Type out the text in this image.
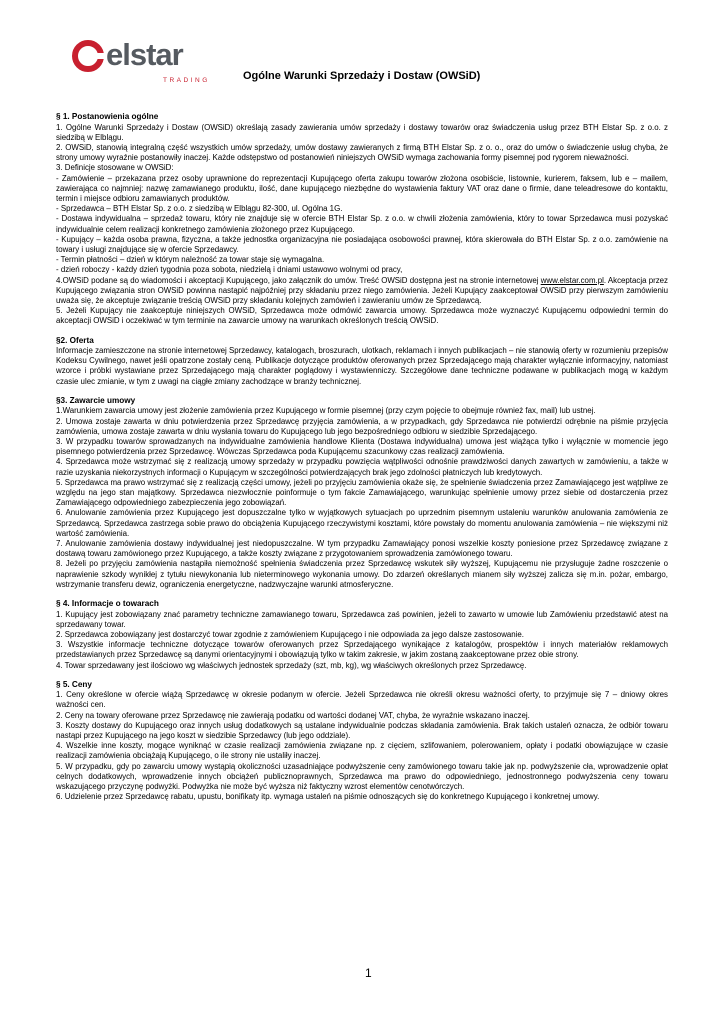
elstar
TRADING	Ogólne Warunki Sprzedaży i Dostaw (OWSiD)
§ 1. Postanowienia ogólne

1. Ogólne Warunki Sprzedaży i Dostaw (OWSiD) określają zasady zawierania umów sprzedaży i dostawy towarów oraz świadczenia usług przez BTH Elstar Sp. z o.o. z siedzibą w Elblągu.

2. OWSiD, stanowią integralną część wszystkich umów sprzedaży, umów dostawy zawieranych z firmą BTH Elstar Sp. z o. o., oraz do umów o świadczenie usług chyba, że strony umowy wyraźnie postanowiły inaczej. Każde odstępstwo od postanowień niniejszych OWSiD wymaga zachowania formy pisemnej pod rygorem nieważności.

3. Definicje stosowane w OWSiD:

- Zamówienie – przekazana przez osoby uprawnione do reprezentacji Kupującego oferta zakupu towarów złożona osobiście, listownie, kurierem, faksem, lub e – mailem, zawierająca co najmniej: nazwę zamawianego produktu, ilość, dane kupującego niezbędne do wystawienia faktury VAT oraz dane o firmie, dane teleadresowe do kontaktu, termin i miejsce odbioru zamawianych produktów.

- Sprzedawca – BTH Elstar Sp. z o.o. z siedzibą w Elblągu 82-300, ul. Ogólna 1G.

- Dostawa indywidualna – sprzedaż towaru, który nie znajduje się w ofercie BTH Elstar Sp. z o.o. w chwili złożenia zamówienia, który to towar Sprzedawca musi pozyskać indywidualnie celem realizacji konkretnego zamówienia złożonego przez Kupującego.

- Kupujący – każda osoba prawna, fizyczna, a także jednostka organizacyjna nie posiadająca osobowości prawnej, która skierowała do BTH Elstar Sp. z o.o. zamówienie na towary i usługi znajdujące się w ofercie Sprzedawcy.

- Termin płatności – dzień w którym należność za towar staje się wymagalna.

- dzień roboczy - każdy dzień tygodnia poza sobota, niedzielą i dniami ustawowo wolnymi od pracy,

4.OWSiD podane są do wiadomości i akceptacji Kupującego, jako załącznik do umów. Treść OWSiD dostępna jest na stronie internetowej www.elstar.com.pl. Akceptacja przez Kupującego związania stron OWSiD powinna nastąpić najpóźniej przy składaniu przez niego zamówienia. Jeżeli Kupujący zaakceptował OWSiD przy pierwszym zamówieniu uważa się, że akceptuje związanie treścią OWSiD przy składaniu kolejnych zamówień i zawieraniu umów ze Sprzedawcą.

5. Jeżeli Kupujący nie zaakceptuje niniejszych OWSiD, Sprzedawca może odmówić zawarcia umowy. Sprzedawca może wyznaczyć Kupującemu odpowiedni termin do akceptacji OWSiD i oczekiwać w tym terminie na zawarcie umowy na warunkach określonych treścią OWSiD.

§2. Oferta

Informacje zamieszczone na stronie internetowej Sprzedawcy, katalogach, broszurach, ulotkach, reklamach i innych publikacjach – nie stanowią oferty w rozumieniu przepisów Kodeksu Cywilnego, nawet jeśli opatrzone zostały ceną. Publikacje dotyczące produktów oferowanych przez Sprzedającego mają charakter wyłącznie informacyjny, natomiast wzorce i próbki wystawiane przez Sprzedającego mają charakter poglądowy i wystawienniczy. Szczegółowe dane techniczne podawane w publikacjach mogą w każdym czasie ulec zmianie, w tym z uwagi na ciągłe zmiany zachodzące w branży technicznej.

§3. Zawarcie umowy

1.Warunkiem zawarcia umowy jest złożenie zamówienia przez Kupującego w formie pisemnej (przy czym pojęcie to obejmuje również fax, mail) lub ustnej.

2. Umowa zostaje zawarta w dniu potwierdzenia przez Sprzedawcę przyjęcia zamówienia, a w przypadkach, gdy Sprzedawca nie potwierdzi odrębnie na piśmie przyjęcia zamówienia, umowa zostaje zawarta w dniu wysłania towaru do Kupującego lub jego bezpośredniego odbioru w siedzibie Sprzedającego.

3. W przypadku towarów sprowadzanych na indywidualne zamówienia handlowe Klienta (Dostawa indywidualna) umowa jest wiążąca tylko i wyłącznie w momencie jego pisemnego potwierdzenia przez Sprzedawcę. Wówczas Sprzedawca poda Kupującemu szacunkowy czas realizacji zamówienia.

4. Sprzedawca może wstrzymać się z realizacją umowy sprzedaży w przypadku powzięcia wątpliwości odnośnie prawdziwości danych zawartych w zamówieniu, a także w razie uzyskania niekorzystnych informacji o Kupującym w szczególności potwierdzających brak jego zdolności płatniczych lub kredytowych.

5. Sprzedawca ma prawo wstrzymać się z realizacją części umowy, jeżeli po przyjęciu zamówienia okaże się, że spełnienie świadczenia przez Zamawiającego jest wątpliwe ze względu na jego stan majątkowy. Sprzedawca niezwłocznie poinformuje o tym fakcie Zamawiającego, warunkując spełnienie umowy przez siebie od dostarczenia przez Zamawiającego odpowiedniego zabezpieczenia jego zobowiązań.

6. Anulowanie zamówienia przez Kupującego jest dopuszczalne tylko w wyjątkowych sytuacjach po uprzednim pisemnym ustaleniu warunków anulowania zamówienia ze Sprzedawcą. Sprzedawca zastrzega sobie prawo do obciążenia Kupującego rzeczywistymi kosztami, które powstały do momentu anulowania zamówienia – nie większymi niż wartość zamówienia.

7. Anulowanie zamówienia dostawy indywidualnej jest niedopuszczalne. W tym przypadku Zamawiający ponosi wszelkie koszty poniesione przez Sprzedawcę związane z dostawą towaru zamówionego przez Kupującego, a także koszty związane z przygotowaniem sprowadzenia zamówionego towaru.

8. Jeżeli po przyjęciu zamówienia nastąpiła niemożność spełnienia świadczenia przez Sprzedawcę wskutek siły wyższej, Kupującemu nie przysługuje żadne roszczenie o naprawienie szkody wynikłej z tytułu niewykonania lub nieterminowego wykonania umowy. Do zdarzeń określanych mianem siły wyższej zalicza się m.in. pożar, embargo, wstrzymanie transferu dewiz, ograniczenia energetyczne, nadzwyczajne warunki atmosferyczne.

§ 4. Informacje o towarach

1. Kupujący jest zobowiązany znać parametry techniczne zamawianego towaru, Sprzedawca zaś powinien, jeżeli to zawarto w umowie lub Zamówieniu przedstawić atest na sprzedawany towar.

2. Sprzedawca zobowiązany jest dostarczyć towar zgodnie z zamówieniem Kupującego i nie odpowiada za jego dalsze zastosowanie.

3. Wszystkie informacje techniczne dotyczące towarów oferowanych przez Sprzedającego wynikające z katalogów, prospektów i innych materiałów reklamowych przedstawianych przez Sprzedawcę są danymi orientacyjnymi i obowiązują tylko w takim zakresie, w jakim zostaną zaakceptowane przez obie strony.

4. Towar sprzedawany jest ilościowo wg właściwych jednostek sprzedaży (szt, mb, kg), wg właściwych określonych przez Sprzedawcę.

§ 5. Ceny

1. Ceny określone w ofercie wiążą Sprzedawcę w okresie podanym w ofercie. Jeżeli Sprzedawca nie określi okresu ważności oferty, to przyjmuje się 7 – dniowy okres ważności cen.

2. Ceny na towary oferowane przez Sprzedawcę nie zawierają podatku od wartości dodanej VAT, chyba, że wyraźnie wskazano inaczej.

3. Koszty dostawy do Kupującego oraz innych usług dodatkowych są ustalane indywidualnie podczas składania zamówienia. Brak takich ustaleń oznacza, że odbiór towaru nastąpi przez Kupującego na jego koszt w siedzibie Sprzedawcy (lub jego oddziale).

4. Wszelkie inne koszty, mogące wyniknąć w czasie realizacji zamówienia związane np. z cięciem, szlifowaniem, polerowaniem, opłaty i podatki obowiązujące w czasie realizacji zamówienia obciążają Kupującego, o ile strony nie ustaliły inaczej.

5. W przypadku, gdy po zawarciu umowy wystąpią okoliczności uzasadniające podwyższenie ceny zamówionego towaru takie jak np. podwyższenie cła, wprowadzenie opłat celnych dodatkowych, wprowadzenie innych obciążeń publicznoprawnych, Sprzedawca ma prawo do odpowiedniego, jednostronnego podwyższenia ceny towaru wskazującego przyczynę podwyżki. Podwyżka nie może być wyższa niż faktyczny wzrost elementów cenotwórczych.

6. Udzielenie przez Sprzedawcę rabatu, upustu, bonifikaty itp. wymaga ustaleń na piśmie odnoszących się do konkretnego Kupującego i konkretnej umowy.

1
